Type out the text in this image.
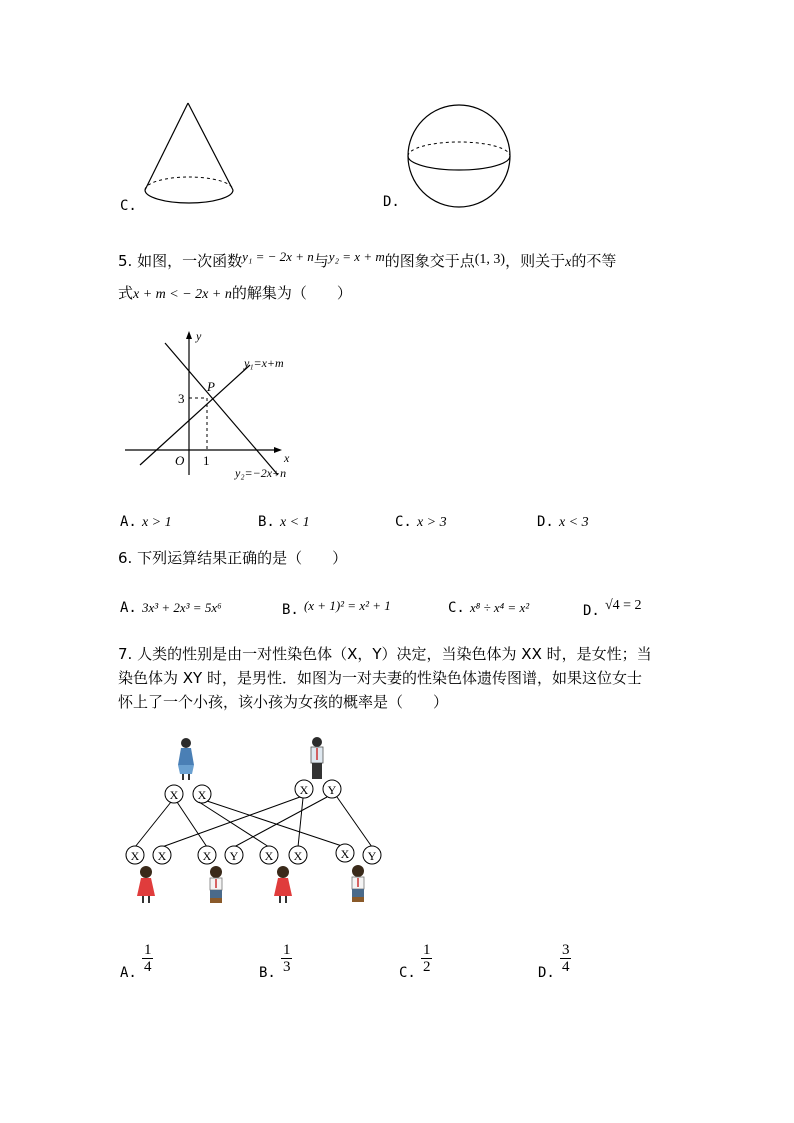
C.	D.
5. 如图，一次函数y₁ = − 2x + n与y₂ = x + m的图象交于点(1, 3)，则关于x的不等
式x + m < − 2x + n的解集为（　　）
y
x
O
P
3
1
y₁=x+m
y₂=−2x+n
A. x > 1	B. x < 1	C. x > 3	D. x < 3
6. 下列运算结果正确的是（　　）
A. 3x³ + 2x³ = 5x⁶	B. (x + 1)² = x² + 1	C. x⁸ ÷ x⁴ = x²	D. √4 = 2
7. 人类的性别是由一对性染色体（X，Y）决定，当染色体为 XX 时，是女性；当
染色体为 XY 时，是男性．如图为一对夫妻的性染色体遗传图谱，如果这位女士
怀上了一个小孩，该小孩为女孩的概率是（　　）
X X	X Y
X X	X Y X X	X Y
A. $\frac{1}{4}$	B. $\frac{1}{3}$	C. $\frac{1}{2}$	D. $\frac{3}{4}$
